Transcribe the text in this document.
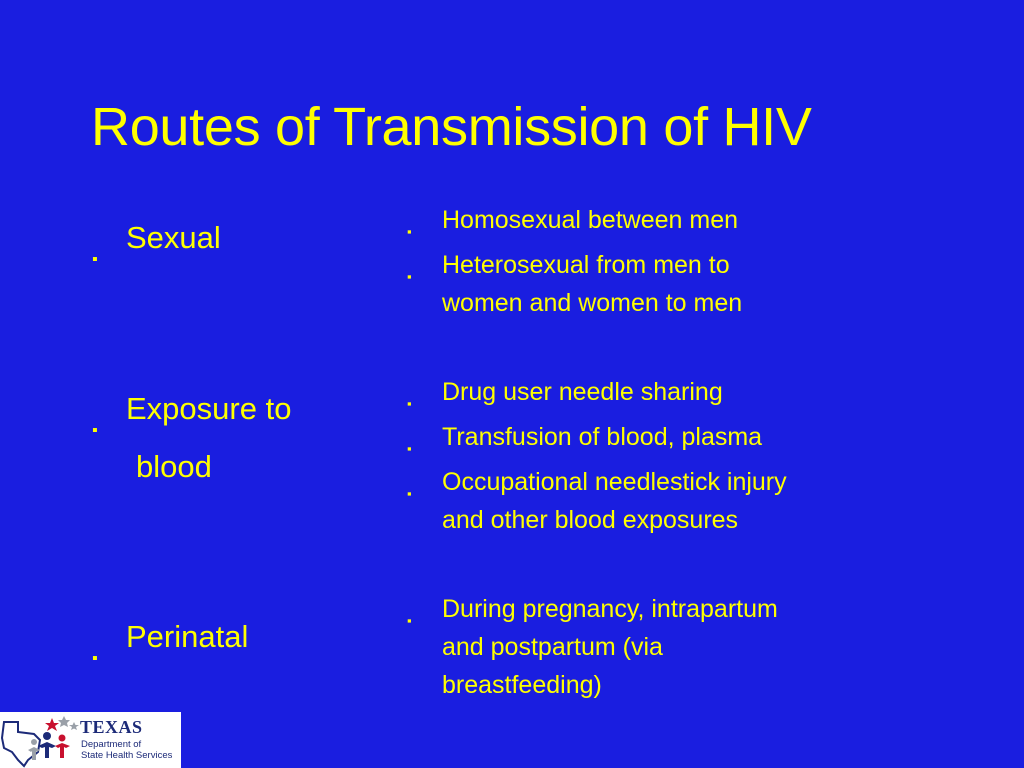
Routes of Transmission of HIV
▪
Sexual
▪
Exposure to
blood
▪
Perinatal
▪	Homosexual between men
▪	Heterosexual from men to
women and women to men
▪	Drug user needle sharing
▪	Transfusion of blood, plasma
▪	Occupational needlestick injury
and other blood exposures
▪	During pregnancy, intrapartum
and postpartum (via
breastfeeding)
TEXAS
Department of
State Health Services
